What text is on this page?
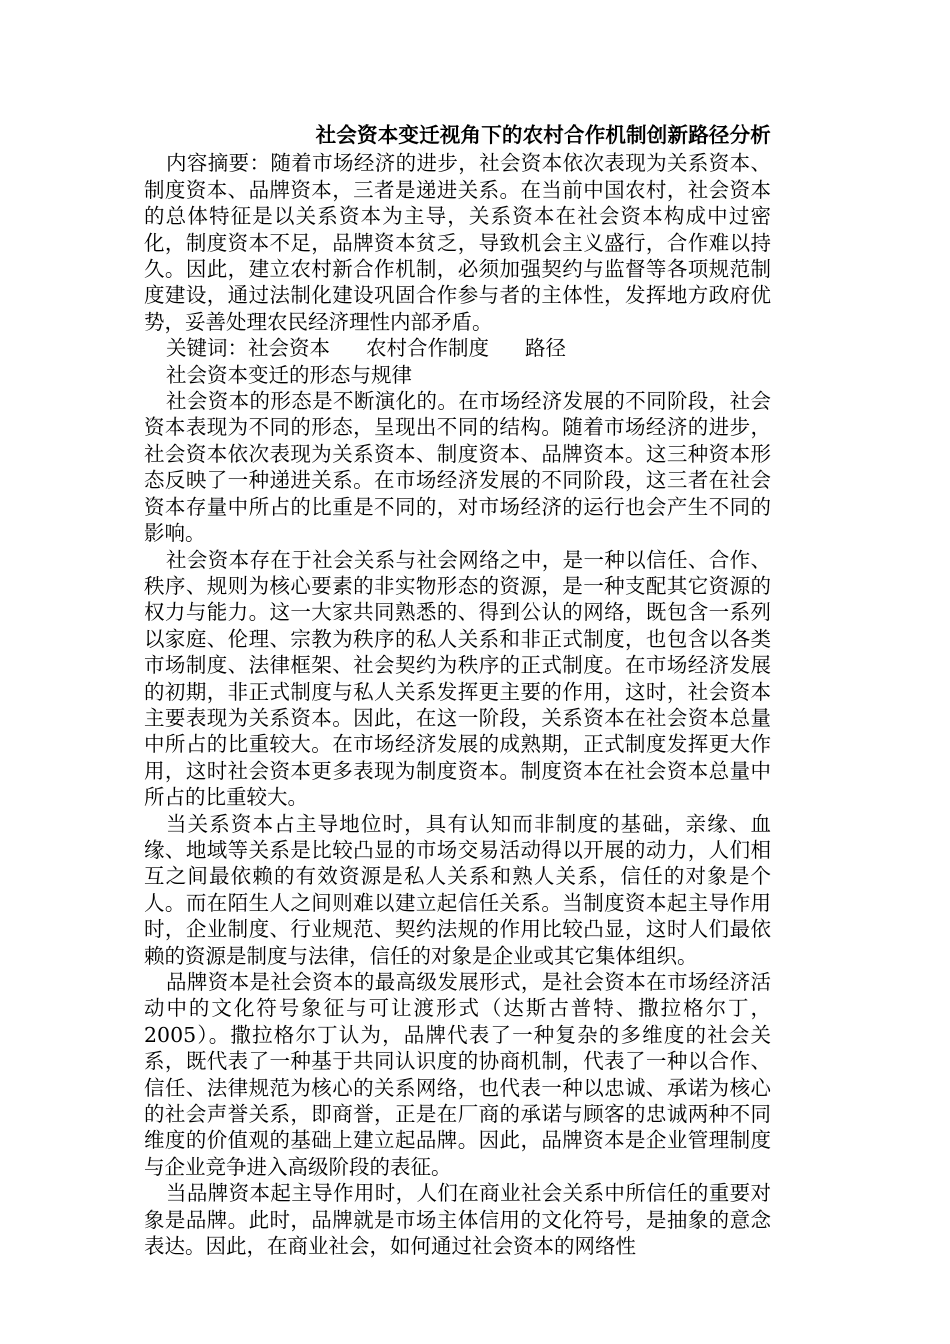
社会资本变迁视角下的农村合作机制创新路径分析

内容摘要：随着市场经济的进步，社会资本依次表现为关系资本、制度资本、品牌资本，三者是递进关系。在当前中国农村，社会资本的总体特征是以关系资本为主导，关系资本在社会资本构成中过密化，制度资本不足，品牌资本贫乏，导致机会主义盛行，合作难以持久。因此，建立农村新合作机制，必须加强契约与监督等各项规范制度建设，通过法制化建设巩固合作参与者的主体性，发挥地方政府优势，妥善处理农民经济理性内部矛盾。

关键词：社会资本 农村合作制度 路径

社会资本变迁的形态与规律

社会资本的形态是不断演化的。在市场经济发展的不同阶段，社会资本表现为不同的形态，呈现出不同的结构。随着市场经济的进步，社会资本依次表现为关系资本、制度资本、品牌资本。这三种资本形态反映了一种递进关系。在市场经济发展的不同阶段，这三者在社会资本存量中所占的比重是不同的，对市场经济的运行也会产生不同的影响。

社会资本存在于社会关系与社会网络之中，是一种以信任、合作、秩序、规则为核心要素的非实物形态的资源，是一种支配其它资源的权力与能力。这一大家共同熟悉的、得到公认的网络，既包含一系列以家庭、伦理、宗教为秩序的私人关系和非正式制度，也包含以各类市场制度、法律框架、社会契约为秩序的正式制度。在市场经济发展的初期，非正式制度与私人关系发挥更主要的作用，这时，社会资本主要表现为关系资本。因此，在这一阶段，关系资本在社会资本总量中所占的比重较大。在市场经济发展的成熟期，正式制度发挥更大作用，这时社会资本更多表现为制度资本。制度资本在社会资本总量中所占的比重较大。

当关系资本占主导地位时，具有认知而非制度的基础，亲缘、血缘、地域等关系是比较凸显的市场交易活动得以开展的动力，人们相互之间最依赖的有效资源是私人关系和熟人关系，信任的对象是个人。而在陌生人之间则难以建立起信任关系。当制度资本起主导作用时，企业制度、行业规范、契约法规的作用比较凸显，这时人们最依赖的资源是制度与法律，信任的对象是企业或其它集体组织。

品牌资本是社会资本的最高级发展形式，是社会资本在市场经济活动中的文化符号象征与可让渡形式（达斯古普特、撒拉格尔丁，2005）。撒拉格尔丁认为，品牌代表了一种复杂的多维度的社会关系，既代表了一种基于共同认识度的协商机制，代表了一种以合作、信任、法律规范为核心的关系网络，也代表一种以忠诚、承诺为核心的社会声誉关系，即商誉，正是在厂商的承诺与顾客的忠诚两种不同维度的价值观的基础上建立起品牌。因此，品牌资本是企业管理制度与企业竞争进入高级阶段的表征。

当品牌资本起主导作用时，人们在商业社会关系中所信任的重要对象是品牌。此时，品牌就是市场主体信用的文化符号，是抽象的意念表达。因此，在商业社会，如何通过社会资本的网络性
